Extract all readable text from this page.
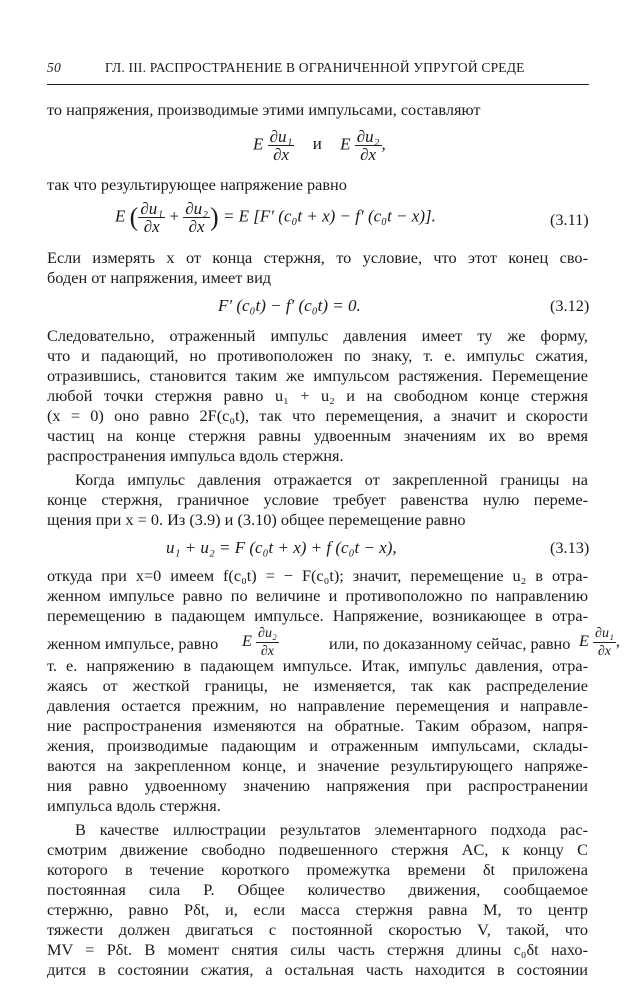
50	ГЛ. III. РАСПРОСТРАНЕНИЕ В ОГРАНИЧЕННОЙ УПРУГОЙ СРЕДЕ
то напряжения, производимые этими импульсами, составляют
E $\frac{\text{∂u₁}}{\partial x}$ и E $\frac{\text{∂u₂}}{\partial x}$ ,
так что результирующее напряжение равно
E ( $\frac{\text{∂u₁}}{\partial x} + \frac{\text{∂u₂}}{\partial x}$ ) = E [F′ (c₀t + x) − f′ (c₀t − x)].	(3.11)
Если измерять x от конца стержня, то условие, что этот конец сво-
боден от напряжения, имеет вид
F′ (c₀t) − f′ (c₀t) = 0.	(3.12)
Следовательно, отраженный импульс давления имеет ту же форму,
что и падающий, но противоположен по знаку, т. е. импульс сжатия,
отразившись, становится таким же импульсом растяжения. Перемещение
любой точки стержня равно u₁ + u₂ и на свободном конце стержня
(x = 0) оно равно 2F(c₀t), так что перемещения, а значит и скорости
частиц на конце стержня равны удвоенным значениям их во время
распространения импульса вдоль стержня.
Когда импульс давления отражается от закрепленной границы на
конце стержня, граничное условие требует равенства нулю переме-
щения при x = 0. Из (3.9) и (3.10) общее перемещение равно
u₁ + u₂ = F (c₀t + x) + f (c₀t − x),	(3.13)
откуда при x=0 имеем f(c₀t) = − F(c₀t); значит, перемещение u₂ в отра-
женном импульсе равно по величине и противоположно по направлению
перемещению в падающем импульсе. Напряжение, возникающее в отра-
женном импульсе, равно E $\frac{\text{∂u₂}}{\partial x}$	или, по доказанному сейчас, равно E $\frac{\text{∂u₁}}{\partial x}$ ,
т. е. напряжению в падающем импульсе. Итак, импульс давления, отра-
жаясь от жесткой границы, не изменяется, так как распределение
давления остается прежним, но направление перемещения и направле-
ние распространения изменяются на обратные. Таким образом, напря-
жения, производимые падающим и отраженным импульсами, склады-
ваются на закрепленном конце, и значение результирующего напряже-
ния равно удвоенному значению напряжения при распространении
импульса вдоль стержня.
В качестве иллюстрации результатов элементарного подхода рас-
смотрим движение свободно подвешенного стержня AC, к концу C
которого в течение короткого промежутка времени δt приложена
постоянная сила P. Общее количество движения, сообщаемое
стержню, равно Pδt, и, если масса стержня равна M, то центр
тяжести должен двигаться с постоянной скоростью V, такой, что
MV = Pδt. В момент снятия силы часть стержня длины c₀δt нахо-
дится в состоянии сжатия, а остальная часть находится в состоянии
